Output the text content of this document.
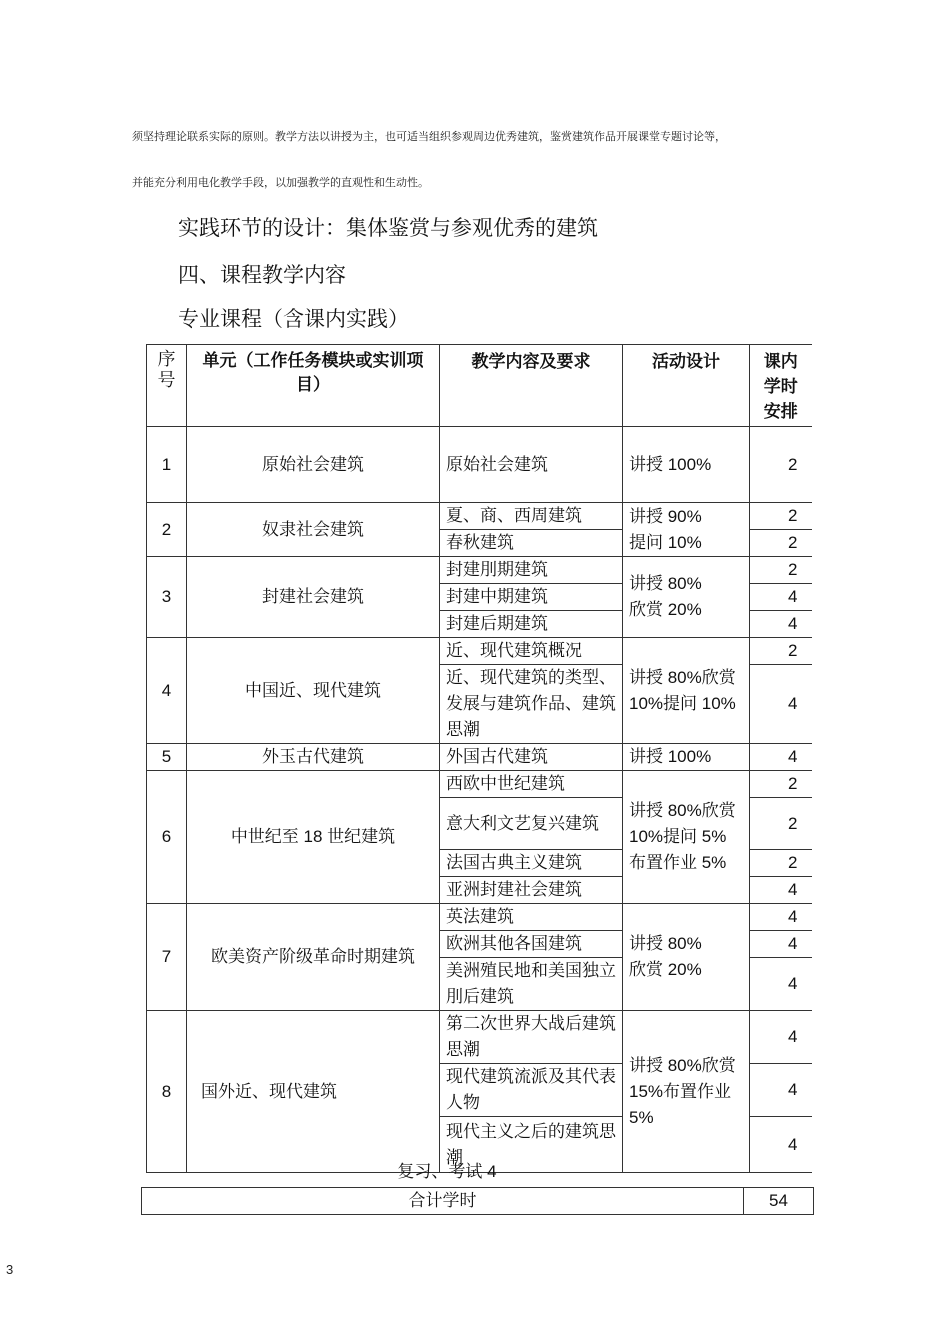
须坚持理论联系实际的原则。教学方法以讲授为主，也可适当组织参观周边优秀建筑，鉴赏建筑作品开展课堂专题讨论等，
并能充分利用电化教学手段，以加强教学的直观性和生动性。
实践环节的设计：集体鉴赏与参观优秀的建筑
四、课程教学内容
专业课程（含课内实践）
序号	单元（工作任务模块或实训项目）	教学内容及要求	活动设计	课内学时安排
1	原始社会建筑	原始社会建筑	讲授 100%	2
2	奴隶社会建筑	夏、商、西周建筑	讲授 90%
提问 10%	2
		春秋建筑		2
3	封建社会建筑	封建刖期建筑	讲授 80%
欣赏 20%	2
		封建中期建筑		4
		封建后期建筑		4
4	中国近、现代建筑	近、现代建筑概况	讲授 80%欣赏 10%提问 10%	2
		近、现代建筑的类型、发展与建筑作品、建筑思潮		4
5	外玉古代建筑	外国古代建筑	讲授 100%	4
6	中世纪至 18 世纪建筑	西欧中世纪建筑	讲授 80%欣赏 10%提问 5%布置作业 5%	2
		意大利文艺复兴建筑		2
		法国古典主义建筑		2
		亚洲封建社会建筑		4
7	欧美资产阶级革命时期建筑	英法建筑	讲授 80%
欣赏 20%	4
		欧洲其他各国建筑		4
		美洲殖民地和美国独立刖后建筑		4
8	国外近、现代建筑	第二次世界大战后建筑思潮	讲授 80%欣赏 15%布置作业 5%	4
		现代建筑流派及其代表人物		4
		现代主义之后的建筑思潮		4
复习、考试 4
合计学时	54
3
